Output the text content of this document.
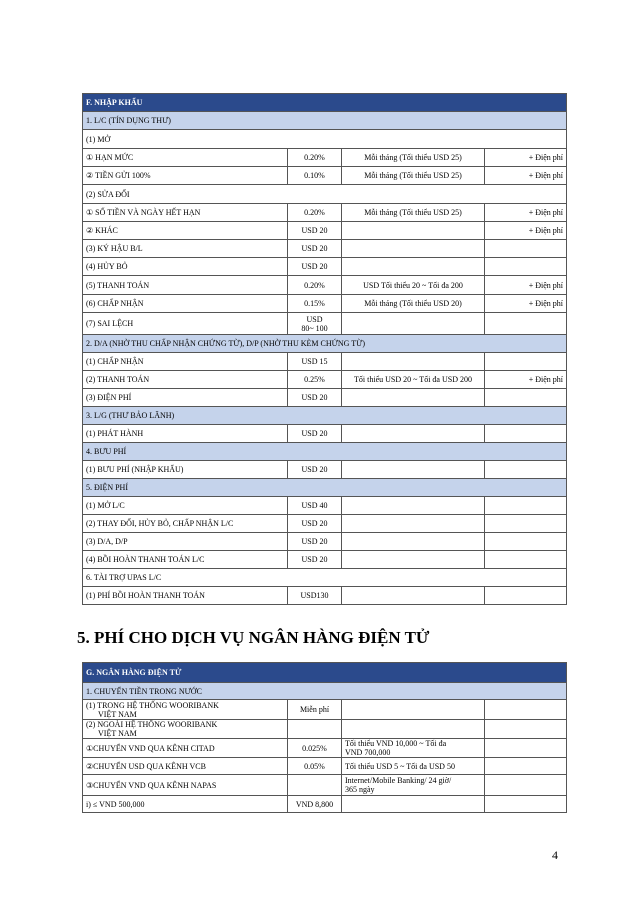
F. NHẬP KHẨU			
1. L/C (TÍN DỤNG THƯ)			
(1) MỞ			
① HẠN MỨC	0.20%	Mỗi tháng (Tối thiểu USD 25)	+ Điện phí
② TIỀN GỬI 100%	0.10%	Mỗi tháng (Tối thiểu USD 25)	+ Điện phí
(2) SỬA ĐỔI			
① SỐ TIỀN VÀ NGÀY HẾT HẠN	0.20%	Mỗi tháng (Tối thiểu USD 25)	+ Điện phí
② KHÁC	USD 20		+ Điện phí
(3) KÝ HẬU B/L	USD 20		
(4) HỦY BỎ	USD 20		
(5) THANH TOÁN	0.20%	USD Tối thiểu 20 ~ Tối đa 200	+ Điện phí
(6) CHẤP NHẬN	0.15%	Mỗi tháng (Tối thiểu USD 20)	+ Điện phí
(7) SAI LỆCH	USD
80~ 100		
2. D/A (NHỜ THU CHẤP NHẬN CHỨNG TỪ), D/P (NHỜ THU KÈM CHỨNG TỪ)			
(1) CHẤP NHẬN	USD 15		
(2) THANH TOÁN	0.25%	Tối thiểu USD 20 ~ Tối đa USD 200	+ Điện phí
(3) ĐIỆN PHÍ	USD 20		
3. L/G (THƯ BẢO LÃNH)			
(1) PHÁT HÀNH	USD 20		
4. BƯU PHÍ			
(1) BƯU PHÍ (NHẬP KHẨU)	USD 20		
5. ĐIỆN PHÍ			
(1) MỞ L/C	USD 40		
(2) THAY ĐỔI, HỦY BỎ, CHẤP NHẬN L/C	USD 20		
(3) D/A, D/P	USD 20		
(4) BỒI HOÀN THANH TOÁN L/C	USD 20		
6. TÀI TRỢ UPAS L/C			
(1) PHÍ BỒI HOÀN THANH TOÁN	USD130		
5. PHÍ CHO DỊCH VỤ NGÂN HÀNG ĐIỆN TỬ
G. NGÂN HÀNG ĐIỆN TỬ			
1. CHUYỂN TIỀN TRONG NƯỚC			
(1) TRONG HỆ THỐNG WOORIBANK
VIỆT NAM	Miễn phí		
(2) NGOÀI HỆ THỐNG WOORIBANK
VIỆT NAM			
①CHUYỂN VND QUA KÊNH CITAD	0.025%	Tối thiểu VND 10,000 ~ Tối đa
VND 700,000	
②CHUYỂN USD QUA KÊNH VCB	0.05%	Tối thiểu USD 5 ~ Tối đa USD 50	
③CHUYỂN VND QUA KÊNH NAPAS		Internet/Mobile Banking/ 24 giờ/
365 ngày	
i) ≤ VND 500,000	VND 8,800		
4
